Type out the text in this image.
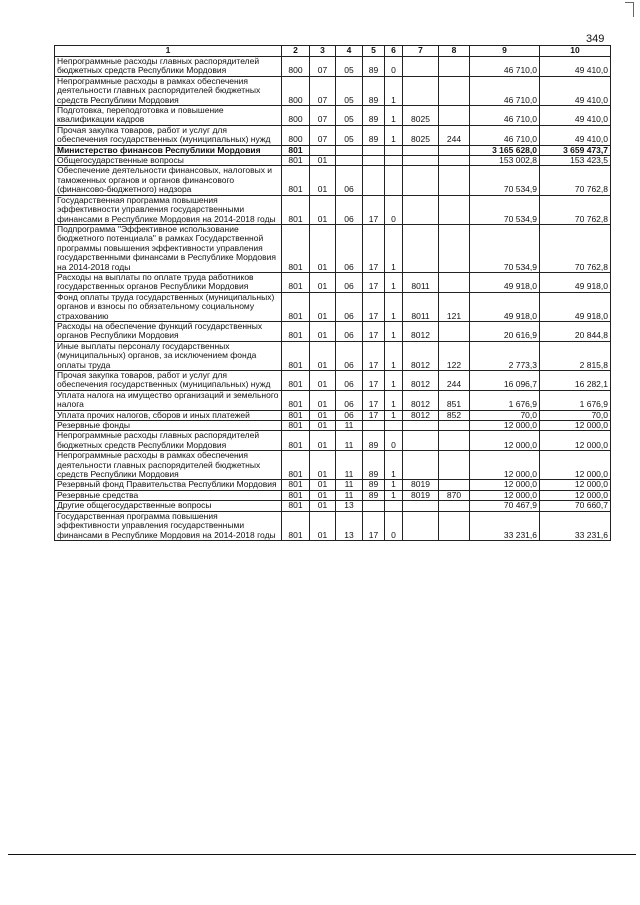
349
1	2	3	4	5	6	7	8	9	10
Непрограммные расходы главных распорядителей бюджетных средств Республики Мордовия	800	07	05	89	0			46 710,0	49 410,0
Непрограммные расходы в рамках обеспечения деятельности главных распорядителей бюджетных средств Республики Мордовия	800	07	05	89	1			46 710,0	49 410,0
Подготовка, переподготовка и повышение квалификации кадров	800	07	05	89	1	8025		46 710,0	49 410,0
Прочая закупка товаров, работ и услуг для обеспечения государственных (муниципальных) нужд	800	07	05	89	1	8025	244	46 710,0	49 410,0
Министерство финансов Республики Мордовия	801							3 165 628,0	3 659 473,7
Общегосударственные вопросы	801	01						153 002,8	153 423,5
Обеспечение деятельности финансовых, налоговых и таможенных органов и органов финансового (финансово-бюджетного) надзора	801	01	06					70 534,9	70 762,8
Государственная программа повышения эффективности управления государственными финансами в Республике Мордовия на 2014-2018 годы	801	01	06	17	0			70 534,9	70 762,8
Подпрограмма "Эффективное использование бюджетного потенциала" в рамках Государственной программы повышения эффективности управления государственными финансами в Республике Мордовия на 2014-2018 годы	801	01	06	17	1			70 534,9	70 762,8
Расходы на выплаты по оплате труда работников государственных органов Республики Мордовия	801	01	06	17	1	8011		49 918,0	49 918,0
Фонд оплаты труда государственных (муниципальных) органов и взносы по обязательному социальному страхованию	801	01	06	17	1	8011	121	49 918,0	49 918,0
Расходы на обеспечение функций государственных органов Республики Мордовия	801	01	06	17	1	8012		20 616,9	20 844,8
Иные выплаты персоналу государственных (муниципальных) органов, за исключением фонда оплаты труда	801	01	06	17	1	8012	122	2 773,3	2 815,8
Прочая закупка товаров, работ и услуг для обеспечения государственных (муниципальных) нужд	801	01	06	17	1	8012	244	16 096,7	16 282,1
Уплата налога на имущество организаций и земельного налога	801	01	06	17	1	8012	851	1 676,9	1 676,9
Уплата прочих налогов, сборов и иных платежей	801	01	06	17	1	8012	852	70,0	70,0
Резервные фонды	801	01	11					12 000,0	12 000,0
Непрограммные расходы главных распорядителей бюджетных средств Республики Мордовия	801	01	11	89	0			12 000,0	12 000,0
Непрограммные расходы в рамках обеспечения деятельности главных распорядителей бюджетных средств Республики Мордовия	801	01	11	89	1			12 000,0	12 000,0
Резервный фонд Правительства Республики Мордовия	801	01	11	89	1	8019		12 000,0	12 000,0
Резервные средства	801	01	11	89	1	8019	870	12 000,0	12 000,0
Другие общегосударственные вопросы	801	01	13					70 467,9	70 660,7
Государственная программа повышения эффективности управления государственными финансами в Республике Мордовия на 2014-2018 годы	801	01	13	17	0			33 231,6	33 231,6
